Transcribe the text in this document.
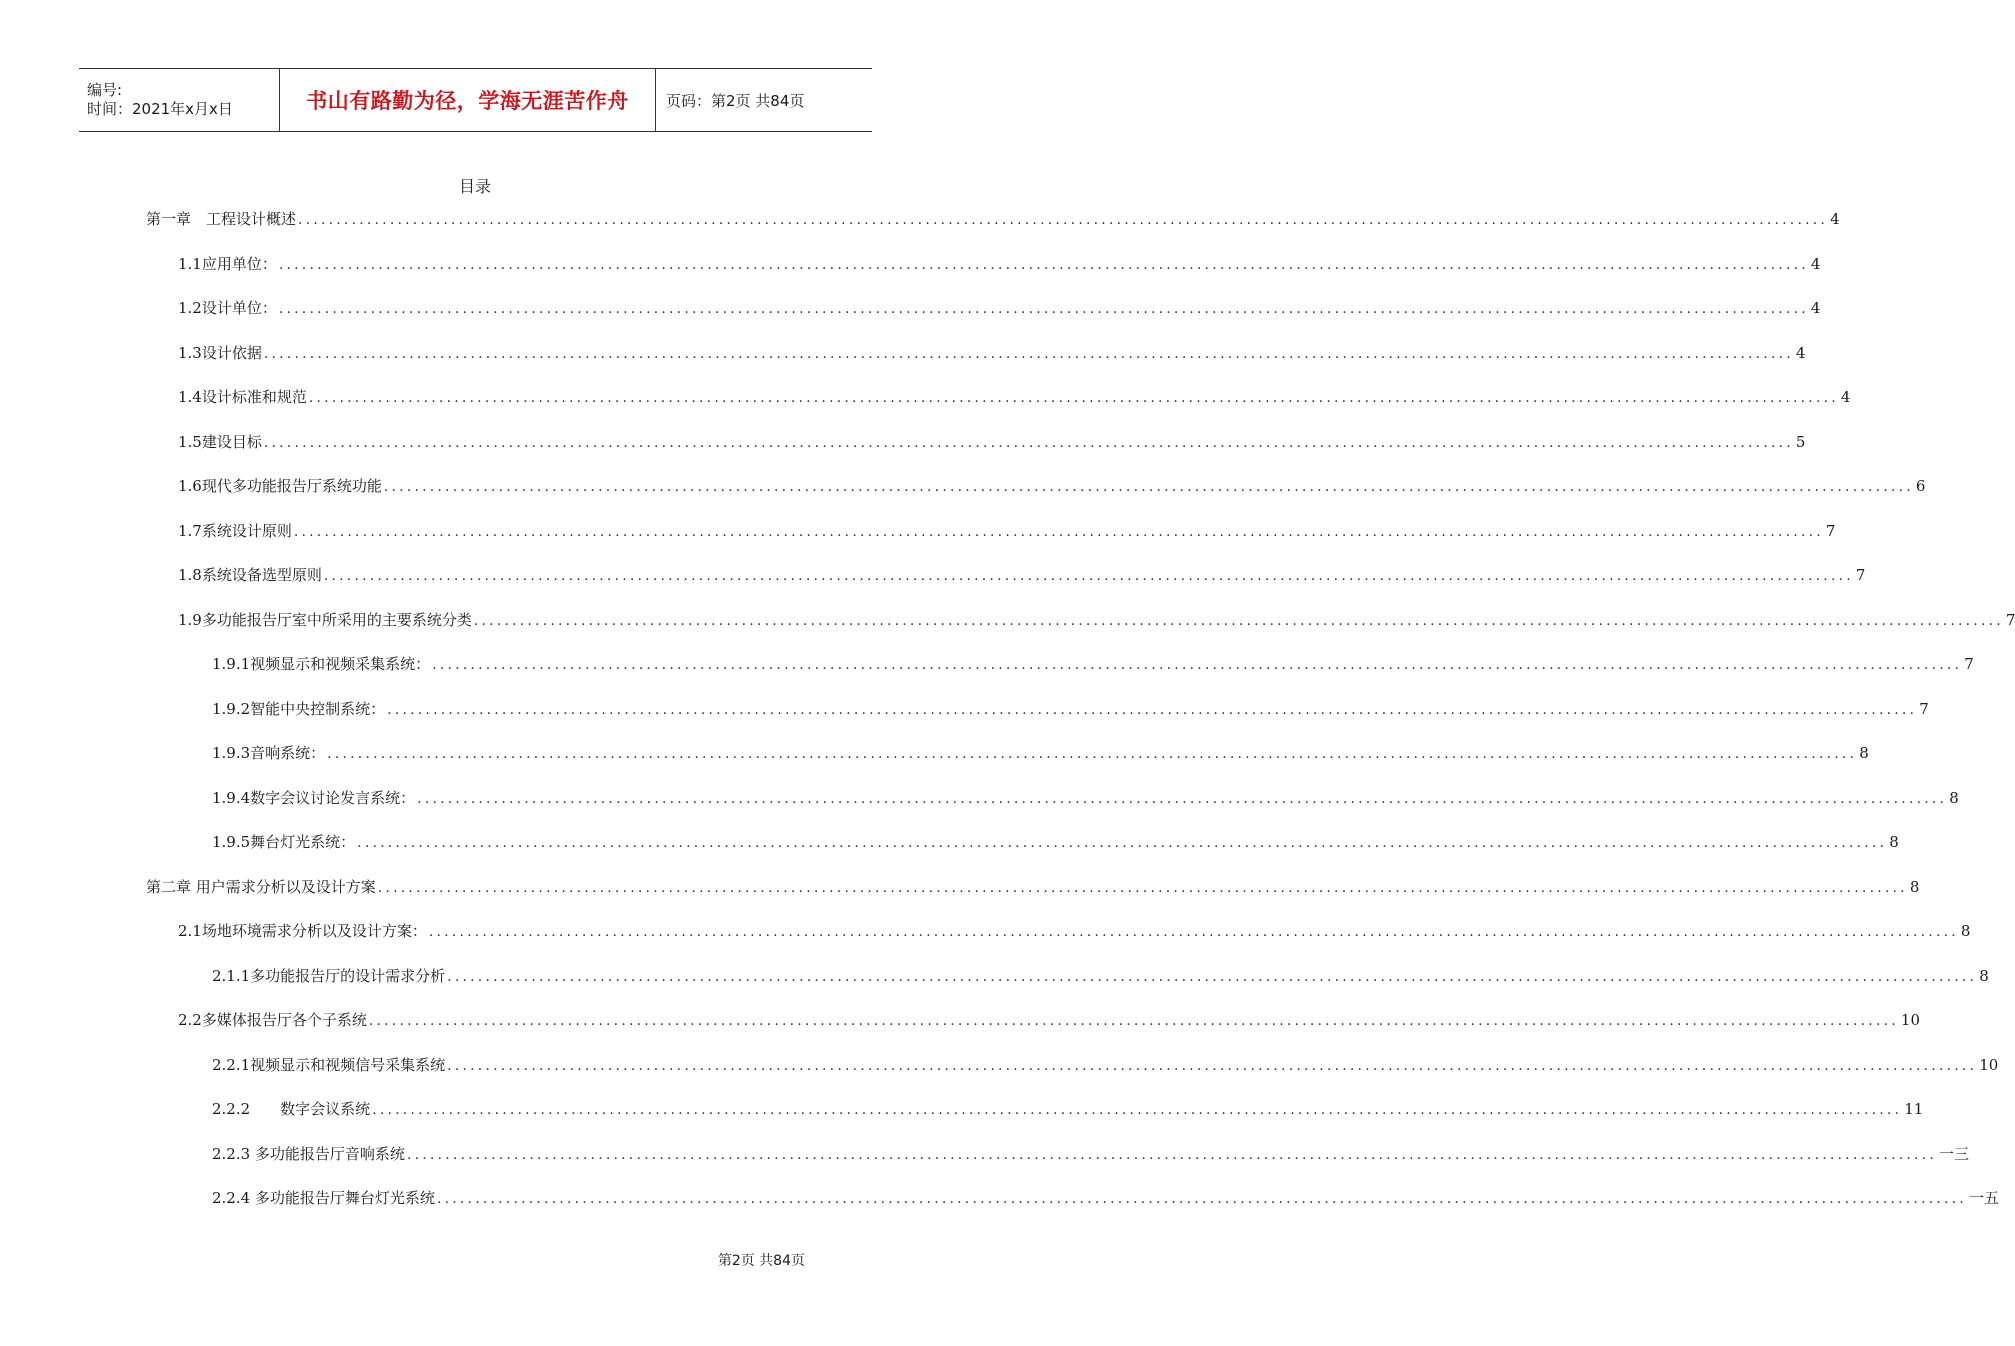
编号:
时间：2021年x月x日	书山有路勤为径，学海无涯苦作舟 页码：第2页 共84页
目录
第一章　工程设计概述 ........................................................................................................................................................................................................ 4
1.1应用单位： ........................................................................................................................................................................................................ 4
1.2设计单位： ........................................................................................................................................................................................................ 4
1.3设计依据 ........................................................................................................................................................................................................ 4
1.4设计标准和规范 ........................................................................................................................................................................................................ 4
1.5建设目标 ........................................................................................................................................................................................................ 5
1.6现代多功能报告厅系统功能 ........................................................................................................................................................................................................ 6
1.7系统设计原则 ........................................................................................................................................................................................................ 7
1.8系统设备选型原则 ........................................................................................................................................................................................................ 7
1.9多功能报告厅室中所采用的主要系统分类 ........................................................................................................................................................................................................ 7
1.9.1视频显示和视频采集系统： ........................................................................................................................................................................................................ 7
1.9.2智能中央控制系统： ........................................................................................................................................................................................................ 7
1.9.3音响系统： ........................................................................................................................................................................................................ 8
1.9.4数字会议讨论发言系统： ........................................................................................................................................................................................................ 8
1.9.5舞台灯光系统： ........................................................................................................................................................................................................ 8
第二章 用户需求分析以及设计方案 ........................................................................................................................................................................................................ 8
2.1场地环境需求分析以及设计方案： ........................................................................................................................................................................................................ 8
2.1.1多功能报告厅的设计需求分析 ........................................................................................................................................................................................................ 8
2.2多媒体报告厅各个子系统 ........................................................................................................................................................................................................ 10
2.2.1视频显示和视频信号采集系统 ........................................................................................................................................................................................................ 10
2.2.2　　数字会议系统 ........................................................................................................................................................................................................ 11
2.2.3 多功能报告厅音响系统 ........................................................................................................................................................................................................ 一三
2.2.4 多功能报告厅舞台灯光系统 ........................................................................................................................................................................................................ 一五
第2页 共84页
